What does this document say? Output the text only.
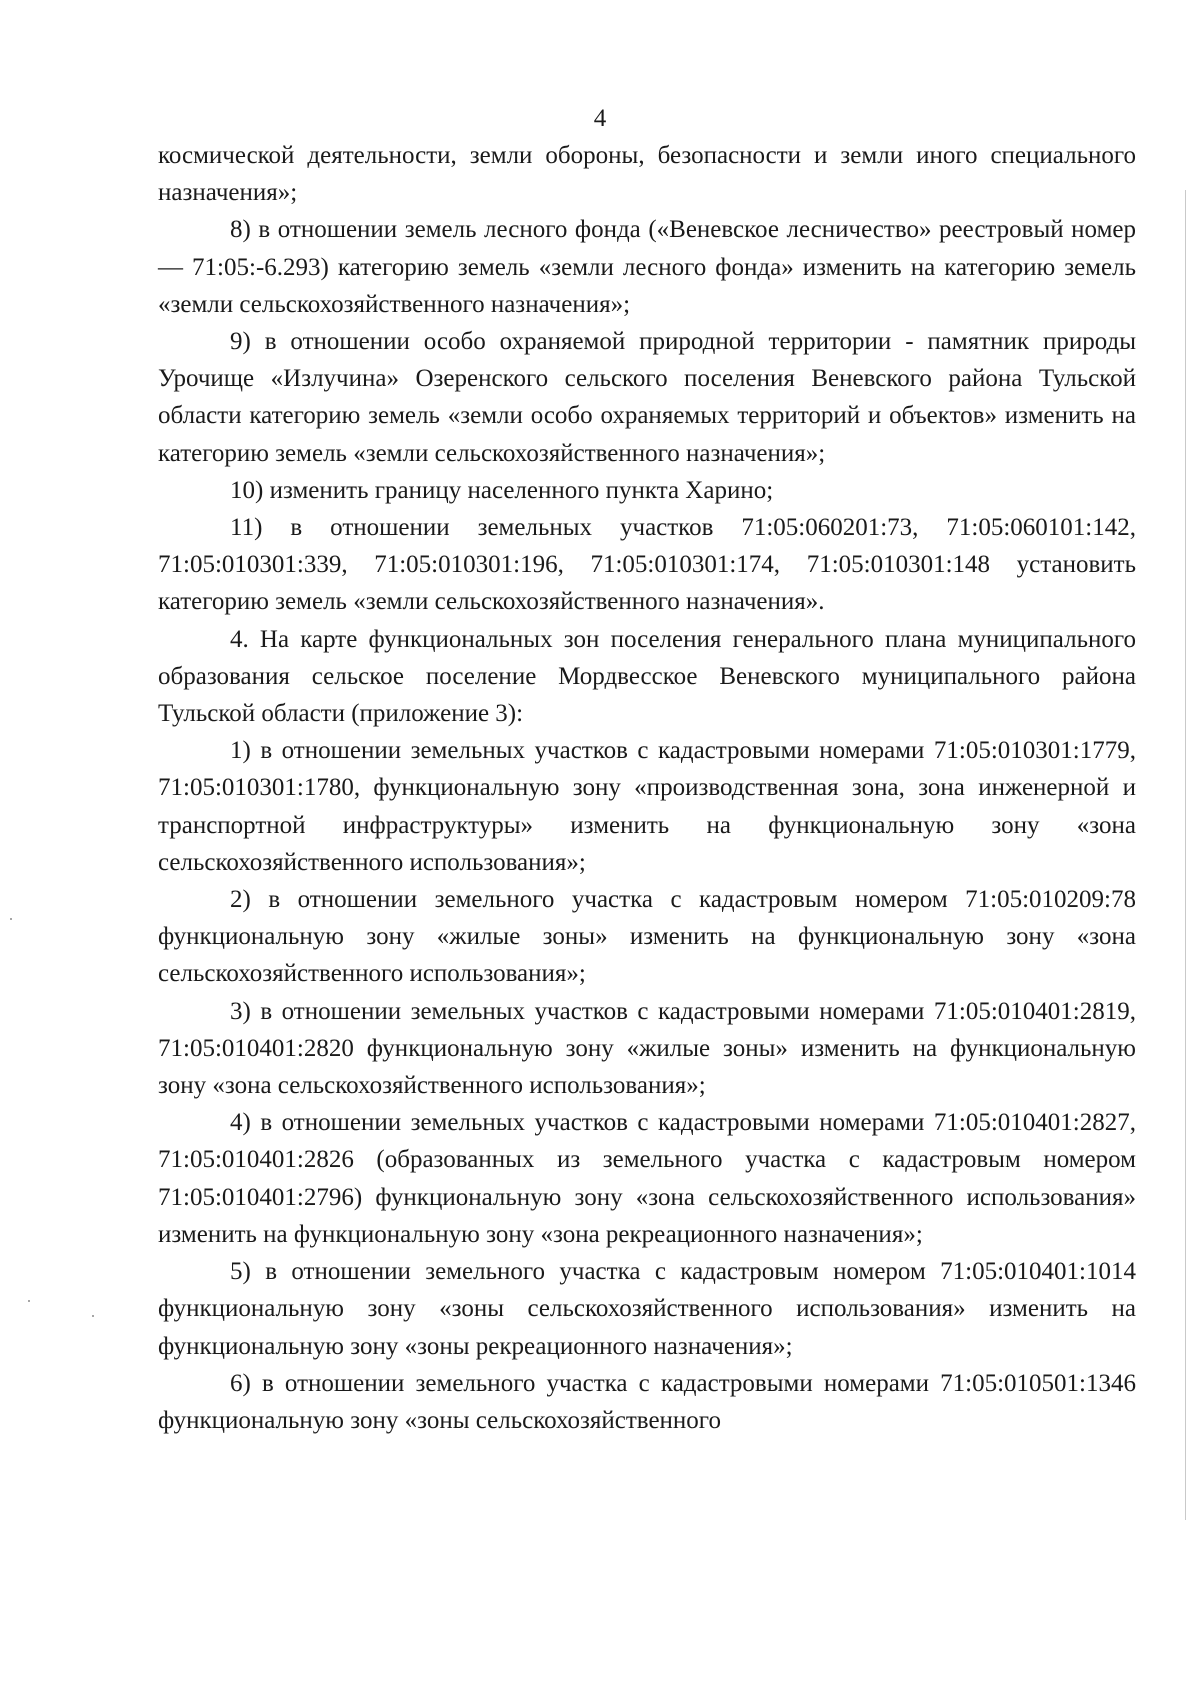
4

космической деятельности, земли обороны, безопасности и земли иного специального назначения»;

8) в отношении земель лесного фонда («Веневское лесничество» реестровый номер — 71:05:-6.293) категорию земель «земли лесного фонда» изменить на категорию земель «земли сельскохозяйственного назначения»;

9) в отношении особо охраняемой природной территории - памятник природы Урочище «Излучина» Озеренского сельского поселения Веневского района Тульской области категорию земель «земли особо охраняемых территорий и объектов» изменить на категорию земель «земли сельскохозяйственного назначения»;

10) изменить границу населенного пункта Харино;

11) в отношении земельных участков 71:05:060201:73, 71:05:060101:142, 71:05:010301:339, 71:05:010301:196, 71:05:010301:174, 71:05:010301:148 установить категорию земель «земли сельскохозяйственного назначения».

4. На карте функциональных зон поселения генерального плана муниципального образования сельское поселение Мордвесское Веневского муниципального района Тульской области (приложение 3):

1) в отношении земельных участков с кадастровыми номерами 71:05:010301:1779, 71:05:010301:1780, функциональную зону «производственная зона, зона инженерной и транспортной инфраструктуры» изменить на функциональную зону «зона сельскохозяйственного использования»;

2) в отношении земельного участка с кадастровым номером 71:05:010209:78 функциональную зону «жилые зоны» изменить на функциональную зону «зона сельскохозяйственного использования»;

3) в отношении земельных участков с кадастровыми номерами 71:05:010401:2819, 71:05:010401:2820 функциональную зону «жилые зоны» изменить на функциональную зону «зона сельскохозяйственного использования»;

4) в отношении земельных участков с кадастровыми номерами 71:05:010401:2827, 71:05:010401:2826 (образованных из земельного участка с кадастровым номером 71:05:010401:2796) функциональную зону «зона сельскохозяйственного использования» изменить на функциональную зону «зона рекреационного назначения»;

5) в отношении земельного участка с кадастровым номером 71:05:010401:1014 функциональную зону «зоны сельскохозяйственного использования» изменить на функциональную зону «зоны рекреационного назначения»;

6) в отношении земельного участка с кадастровыми номерами 71:05:010501:1346 функциональную зону «зоны сельскохозяйственного
